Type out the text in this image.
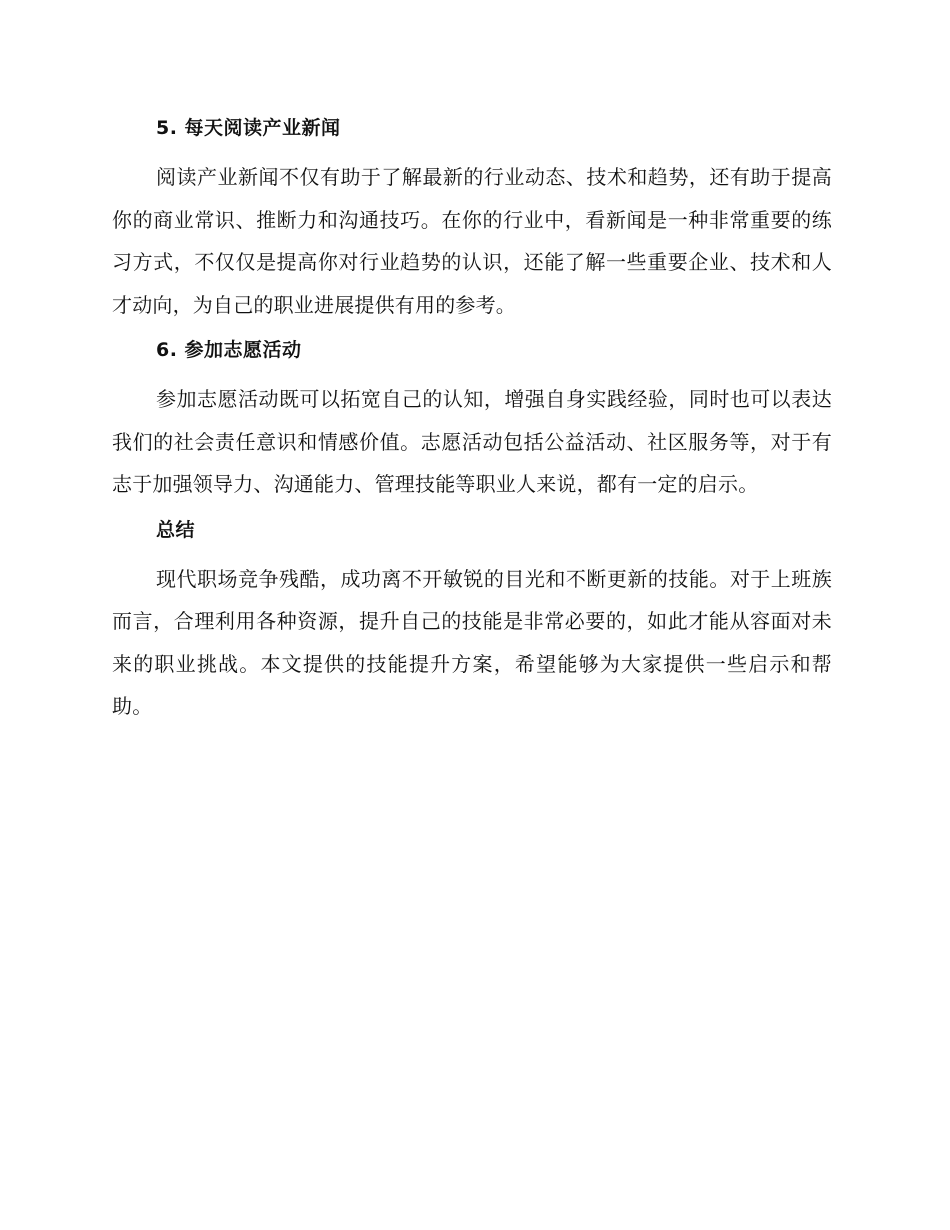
5. 每天阅读产业新闻

阅读产业新闻不仅有助于了解最新的行业动态、技术和趋势，还有助于提高你的商业常识、推断力和沟通技巧。在你的行业中，看新闻是一种非常重要的练习方式，不仅仅是提高你对行业趋势的认识，还能了解一些重要企业、技术和人才动向，为自己的职业进展提供有用的参考。

6. 参加志愿活动

参加志愿活动既可以拓宽自己的认知，增强自身实践经验，同时也可以表达我们的社会责任意识和情感价值。志愿活动包括公益活动、社区服务等，对于有志于加强领导力、沟通能力、管理技能等职业人来说，都有一定的启示。

总结

现代职场竞争残酷，成功离不开敏锐的目光和不断更新的技能。对于上班族而言，合理利用各种资源，提升自己的技能是非常必要的，如此才能从容面对未来的职业挑战。本文提供的技能提升方案，希望能够为大家提供一些启示和帮助。
